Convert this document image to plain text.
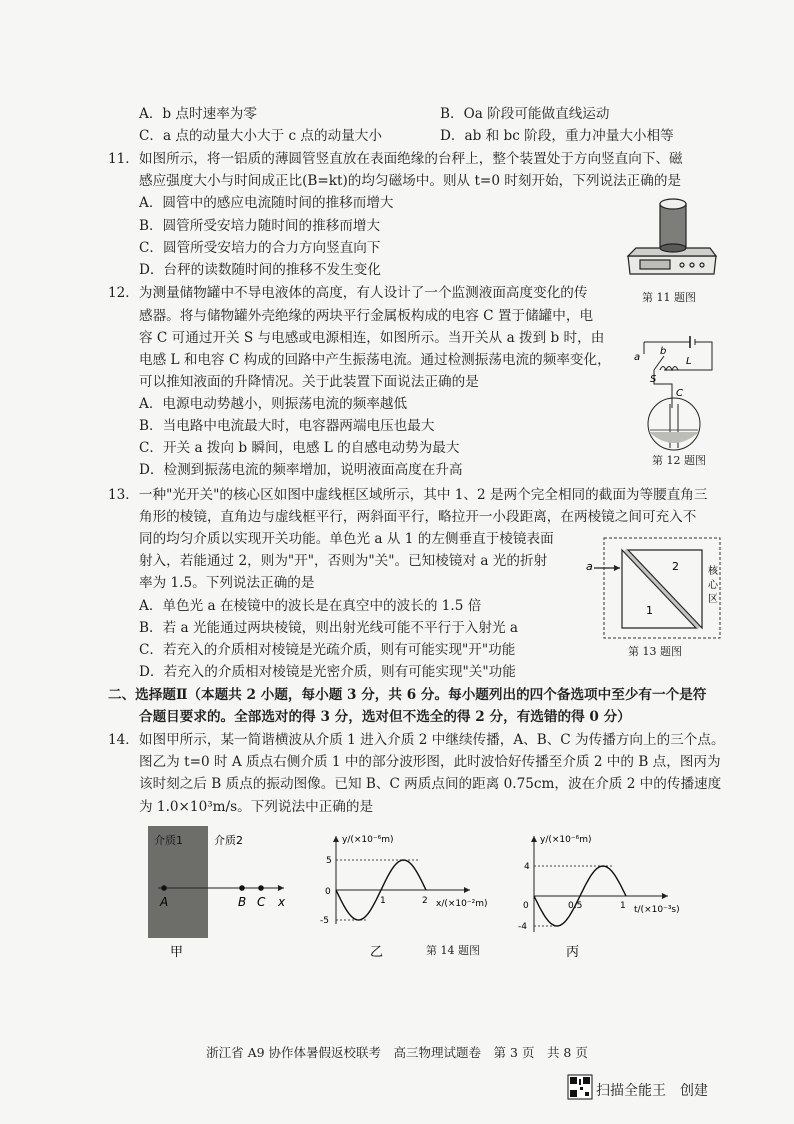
A．b 点时速率为零	B．Oa 阶段可能做直线运动
C．a 点的动量大小大于 c 点的动量大小	D．ab 和 bc 阶段，重力冲量大小相等
11．如图所示，将一铝质的薄圆管竖直放在表面绝缘的台秤上，整个装置处于方向竖直向下、磁
感应强度大小与时间成正比(B=kt)的均匀磁场中。则从 t=0 时刻开始，下列说法正确的是
A．圆管中的感应电流随时间的推移而增大
B．圆管所受安培力随时间的推移而增大
C．圆管所受安培力的合力方向竖直向下
D．台秤的读数随时间的推移不发生变化
第 11 题图
12．为测量储物罐中不导电液体的高度，有人设计了一个监测液面高度变化的传
感器。将与储物罐外壳绝缘的两块平行金属板构成的电容 C 置于储罐中，电
容 C 可通过开关 S 与电感或电源相连，如图所示。当开关从 a 拨到 b 时，由
电感 L 和电容 C 构成的回路中产生振荡电流。通过检测振荡电流的频率变化，
可以推知液面的升降情况。关于此装置下面说法正确的是
A．电源电动势越小，则振荡电流的频率越低
B．当电路中电流最大时，电容器两端电压也最大
C．开关 a 拨向 b 瞬间，电感 L 的自感电动势为最大
D．检测到振荡电流的频率增加，说明液面高度在升高
a
b
L
S
C
第 12 题图
13．一种"光开关"的核心区如图中虚线框区域所示，其中 1、2 是两个完全相同的截面为等腰直角三
角形的棱镜，直角边与虚线框平行，两斜面平行，略拉开一小段距离，在两棱镜之间可充入不
同的均匀介质以实现开关功能。单色光 a 从 1 的左侧垂直于棱镜表面
射入，若能通过 2，则为"开"，否则为"关"。已知棱镜对 a 光的折射
率为 1.5。下列说法正确的是
A．单色光 a 在棱镜中的波长是在真空中的波长的 1.5 倍
B．若 a 光能通过两块棱镜，则出射光线可能不平行于入射光 a
C．若充入的介质相对棱镜是光疏介质，则有可能实现"开"功能
D．若充入的介质相对棱镜是光密介质，则有可能实现"关"功能
a
1
2	核
心
区
第 13 题图
二、选择题Ⅱ（本题共 2 小题，每小题 3 分，共 6 分。每小题列出的四个备选项中至少有一个是符
合题目要求的。全部选对的得 3 分，选对但不选全的得 2 分，有选错的得 0 分）
14．如图甲所示，某一简谐横波从介质 1 进入介质 2 中继续传播，A、B、C 为传播方向上的三个点。
图乙为 t=0 时 A 质点右侧介质 1 中的部分波形图，此时波恰好传播至介质 2 中的 B 点，图丙为
该时刻之后 B 质点的振动图像。已知 B、C 两质点间的距离 0.75cm，波在介质 2 中的传播速度
为 1.0×10³m/s。下列说法中正确的是
介质1	介质2
A	B C x
甲
y/(×10⁻⁶m)
x/(×10⁻²m)
5
-5
0
1	2
乙	第 14 题图
y/(×10⁻⁶m)
t/(×10⁻³s)
4
-4
0	0.5	1
丙
浙江省 A9 协作体暑假返校联考　高三物理试题卷　第 3 页　共 8 页
扫描全能王　创建
